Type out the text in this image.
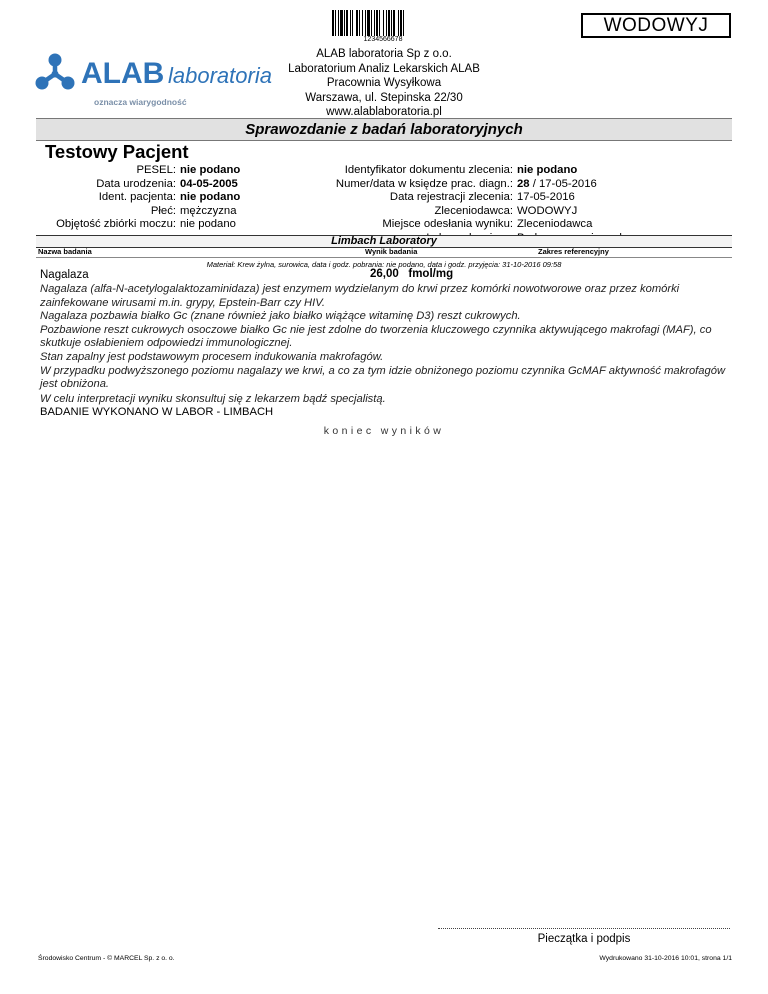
1234566678
WODOWYJ
ALAB laboratoria
oznacza wiarygodność
ALAB laboratoria Sp z o.o.
Laboratorium Analiz Lekarskich ALAB
Pracownia Wysyłkowa
Warszawa, ul. Stepinska 22/30
www.alablaboratoria.pl
Sprawozdanie z badań laboratoryjnych
Testowy Pacjent
PESEL: nie podano
Data urodzenia: 04-05-2005
Ident. pacjenta: nie podano
Płeć: mężczyzna
Objętość zbiórki moczu: nie podano
Identyfikator dokumentu zlecenia: nie podano
Numer/data w księdze prac. diagn.: 28 / 17-05-2016
Data rejestracji zlecenia: 17-05-2016
Zleceniodawca: WODOWYJ
Miejsce odesłania wyniku: Zleceniodawca
Limbach Laboratory
Nazwa badania	Wynik badania	Zakres referencyjny
Materiał: Krew żylna, surowica, data i godz. pobrania: nie podano, data i godz. przyjęcia: 31-10-2016 09:58
Nagalaza	26,00 fmol/mg

Nagalaza (alfa-N-acetylogalaktozaminidaza) jest enzymem wydzielanym do krwi przez komórki nowotworowe oraz przez komórki zainfekowane wirusami m.in. grypy, Epstein-Barr czy HIV.

Nagalaza pozbawia białko Gc (znane również jako białko wiążące witaminę D3) reszt cukrowych.

Pozbawione reszt cukrowych osoczowe białko Gc nie jest zdolne do tworzenia kluczowego czynnika aktywującego makrofagi (MAF), co skutkuje osłabieniem odpowiedzi immunologicznej.

Stan zapalny jest podstawowym procesem indukowania makrofagów.

W przypadku podwyższonego poziomu nagalazy we krwi, a co za tym idzie obniżonego poziomu czynnika GcMAF aktywność makrofagów jest obniżona.

W celu interpretacji wyniku skonsultuj się z lekarzem bądź specjalistą.
BADANIE WYKONANO W LABOR - LIMBACH
koniec wyników
Pieczątka i podpis
Środowisko Centrum - © MARCEL Sp. z o. o.	Wydrukowano 31-10-2016 10:01, strona 1/1
